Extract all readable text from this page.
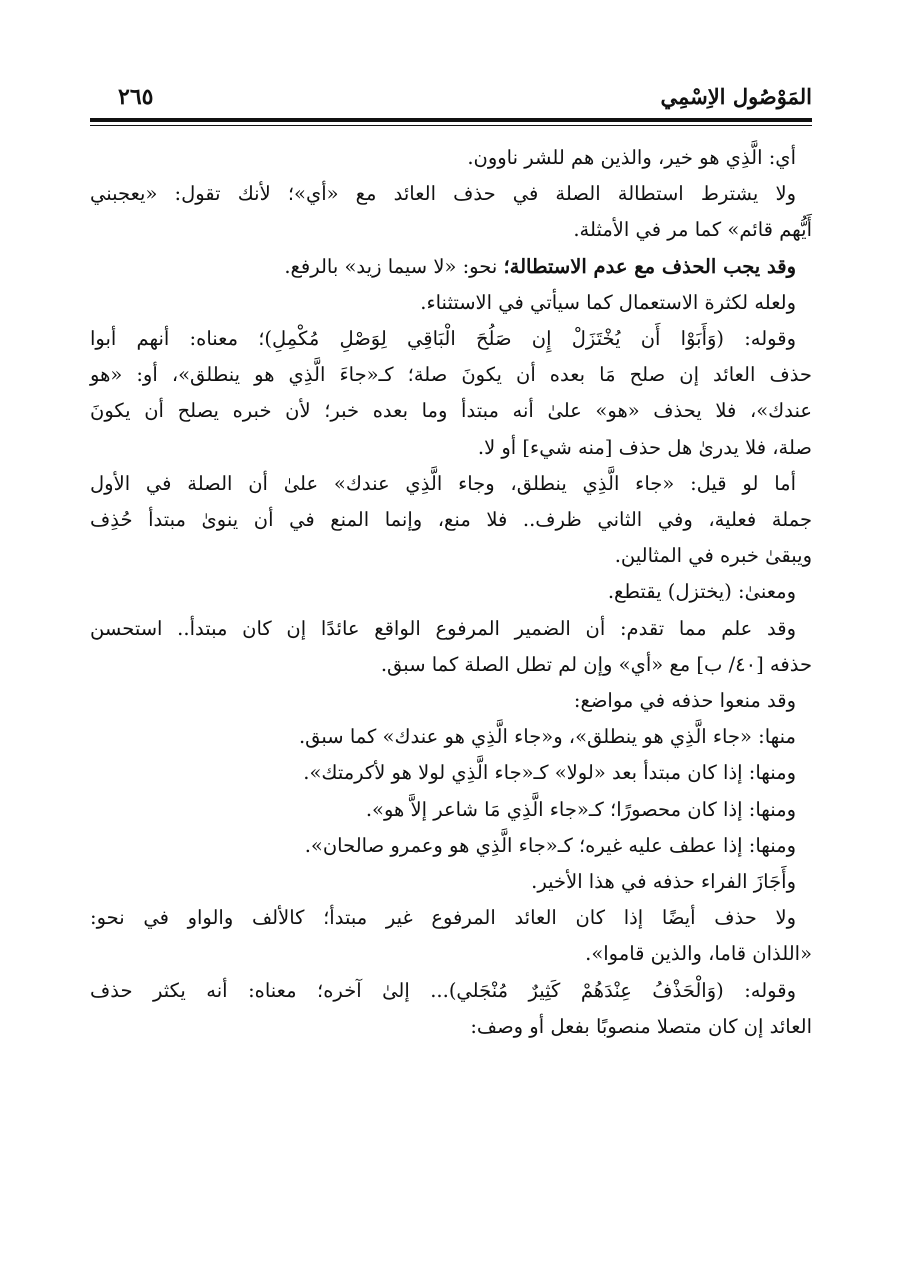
المَوْصُول الاِسْمِي
٢٦٥

أي: الَّذِي هو خير، والذين هم للشر ناوون.

ولا يشترط استطالة الصلة في حذف العائد مع «أي»؛ لأنك تقول: «يعجبني

أَيُّهم قائم» كما مر في الأمثلة.

وقد يجب الحذف مع عدم الاستطالة؛ نحو: «لا سيما زيد» بالرفع.

ولعله لكثرة الاستعمال كما سيأتي في الاستثناء.

وقوله: (وَأَبَوْا أَن يُخْتَزَلْ إِن صَلُحَ الْبَاقِي لِوَصْلِ مُكْمِلِ)؛ معناه: أنهم أبوا

حذف العائد إن صلح مَا بعده أن يكونَ صلة؛ كـ«جاءَ الَّذِي هو ينطلق»، أو: «هو

عندك»، فلا يحذف «هو» علىٰ أنه مبتدأ وما بعده خبر؛ لأن خبره يصلح أن يكونَ

صلة، فلا يدرىٰ هل حذف [منه شيء] أو لا.

أما لو قيل: «جاء الَّذِي ينطلق، وجاء الَّذِي عندك» علىٰ أن الصلة في الأول

جملة فعلية، وفي الثاني ظرف.. فلا منع، وإنما المنع في أن ينوىٰ مبتدأ حُذِف

ويبقىٰ خبره في المثالين.

ومعنىٰ: (يختزل) يقتطع.

وقد علم مما تقدم: أن الضمير المرفوع الواقع عائدًا إن كان مبتدأ.. استحسن

حذفه [٤٠/ ب] مع «أي» وإن لم تطل الصلة كما سبق.

وقد منعوا حذفه في مواضع:

منها: «جاء الَّذِي هو ينطلق»، و«جاء الَّذِي هو عندك» كما سبق.

ومنها: إذا كان مبتدأ بعد «لولا» كـ«جاء الَّذِي لولا هو لأكرمتك».

ومنها: إذا كان محصورًا؛ كـ«جاء الَّذِي مَا شاعر إلاَّ هو».

ومنها: إذا عطف عليه غيره؛ كـ«جاء الَّذِي هو وعمرو صالحان».

وأَجَازَ الفراء حذفه في هذا الأخير.

ولا حذف أيضًا إذا كان العائد المرفوع غير مبتدأ؛ كالألف والواو في نحو:

«اللذان قاما، والذين قاموا».

وقوله: (وَالْحَذْفُ عِنْدَهُمْ كَثِيرٌ مُنْجَلي)... إلىٰ آخره؛ معناه: أنه يكثر حذف

العائد إن كان متصلا منصوبًا بفعل أو وصف:
